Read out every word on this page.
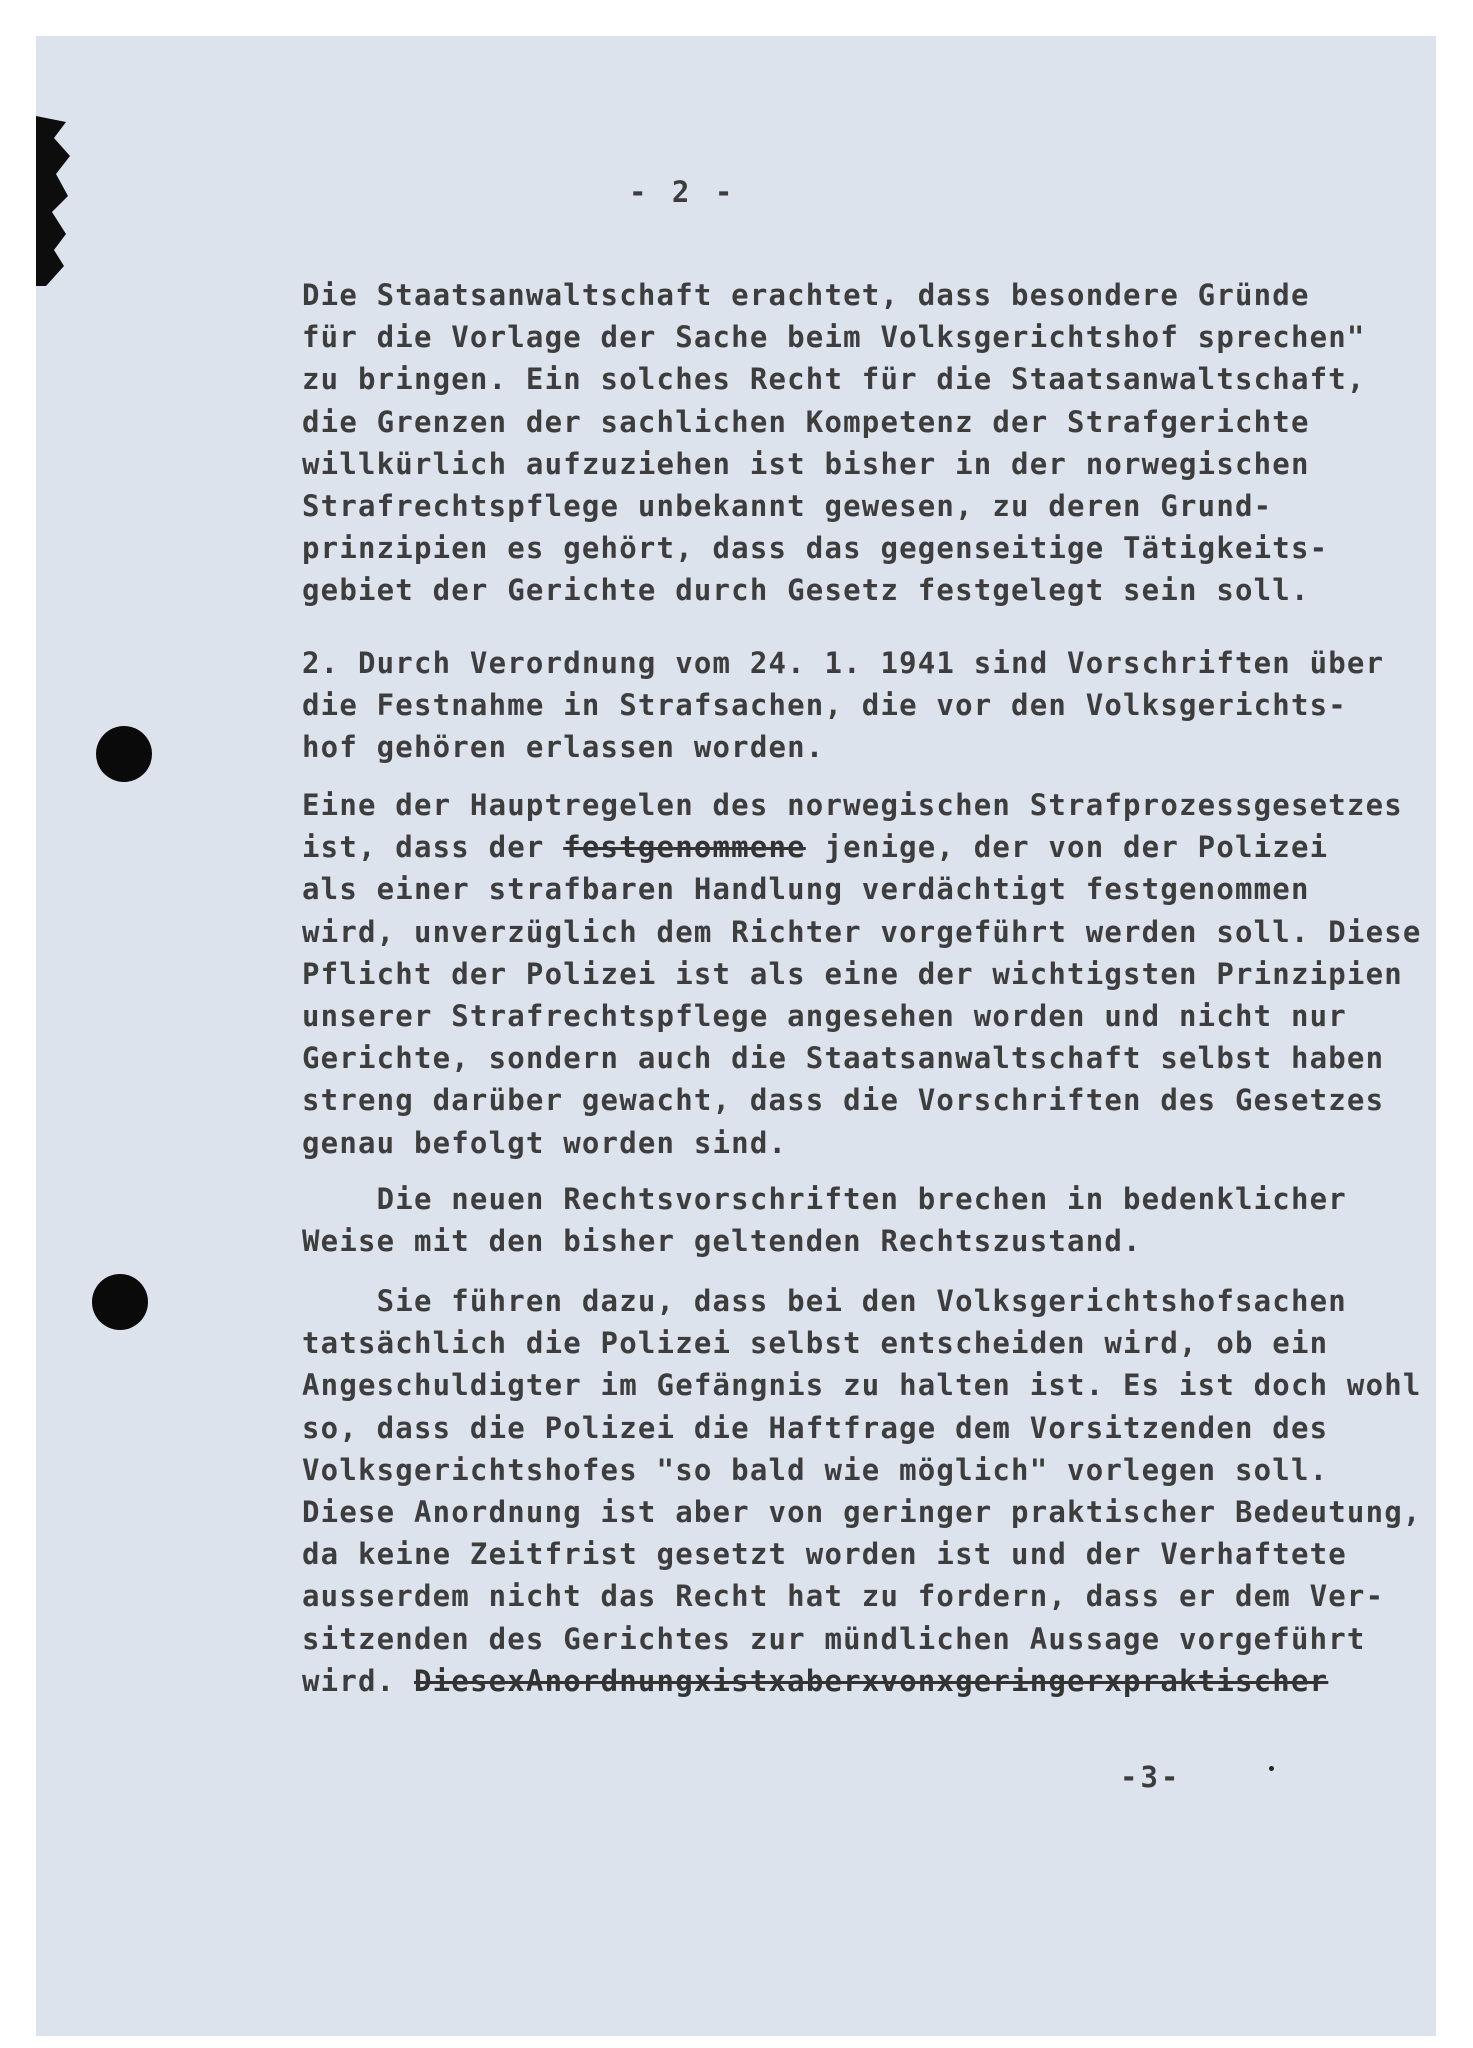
- 2 -
Die Staatsanwaltschaft erachtet, dass besondere Gründe
für die Vorlage der Sache beim Volksgerichtshof sprechen"
zu bringen. Ein solches Recht für die Staatsanwaltschaft,
die Grenzen der sachlichen Kompetenz der Strafgerichte
willkürlich aufzuziehen ist bisher in der norwegischen
Strafrechtspflege unbekannt gewesen, zu deren Grund-
prinzipien es gehört, dass das gegenseitige Tätigkeits-
gebiet der Gerichte durch Gesetz festgelegt sein soll.
2. Durch Verordnung vom 24. 1. 1941 sind Vorschriften über
die Festnahme in Strafsachen, die vor den Volksgerichts-
hof gehören erlassen worden.
Eine der Hauptregelen des norwegischen Strafprozessgesetzes
ist, dass der festgenommene jenige, der von der Polizei
als einer strafbaren Handlung verdächtigt festgenommen
wird, unverzüglich dem Richter vorgeführt werden soll. Diese
Pflicht der Polizei ist als eine der wichtigsten Prinzipien
unserer Strafrechtspflege angesehen worden und nicht nur
Gerichte, sondern auch die Staatsanwaltschaft selbst haben
streng darüber gewacht, dass die Vorschriften des Gesetzes
genau befolgt worden sind.
Die neuen Rechtsvorschriften brechen in bedenklicher
Weise mit den bisher geltenden Rechtszustand.
Sie führen dazu, dass bei den Volksgerichtshofsachen
tatsächlich die Polizei selbst entscheiden wird, ob ein
Angeschuldigter im Gefängnis zu halten ist. Es ist doch wohl
so, dass die Polizei die Haftfrage dem Vorsitzenden des
Volksgerichtshofes "so bald wie möglich" vorlegen soll.
Diese Anordnung ist aber von geringer praktischer Bedeutung,
da keine Zeitfrist gesetzt worden ist und der Verhaftete
ausserdem nicht das Recht hat zu fordern, dass er dem Ver-
sitzenden des Gerichtes zur mündlichen Aussage vorgeführt
wird. DiesexAnordnungxistxaberxvonxgeringerxpraktischer
-3-
